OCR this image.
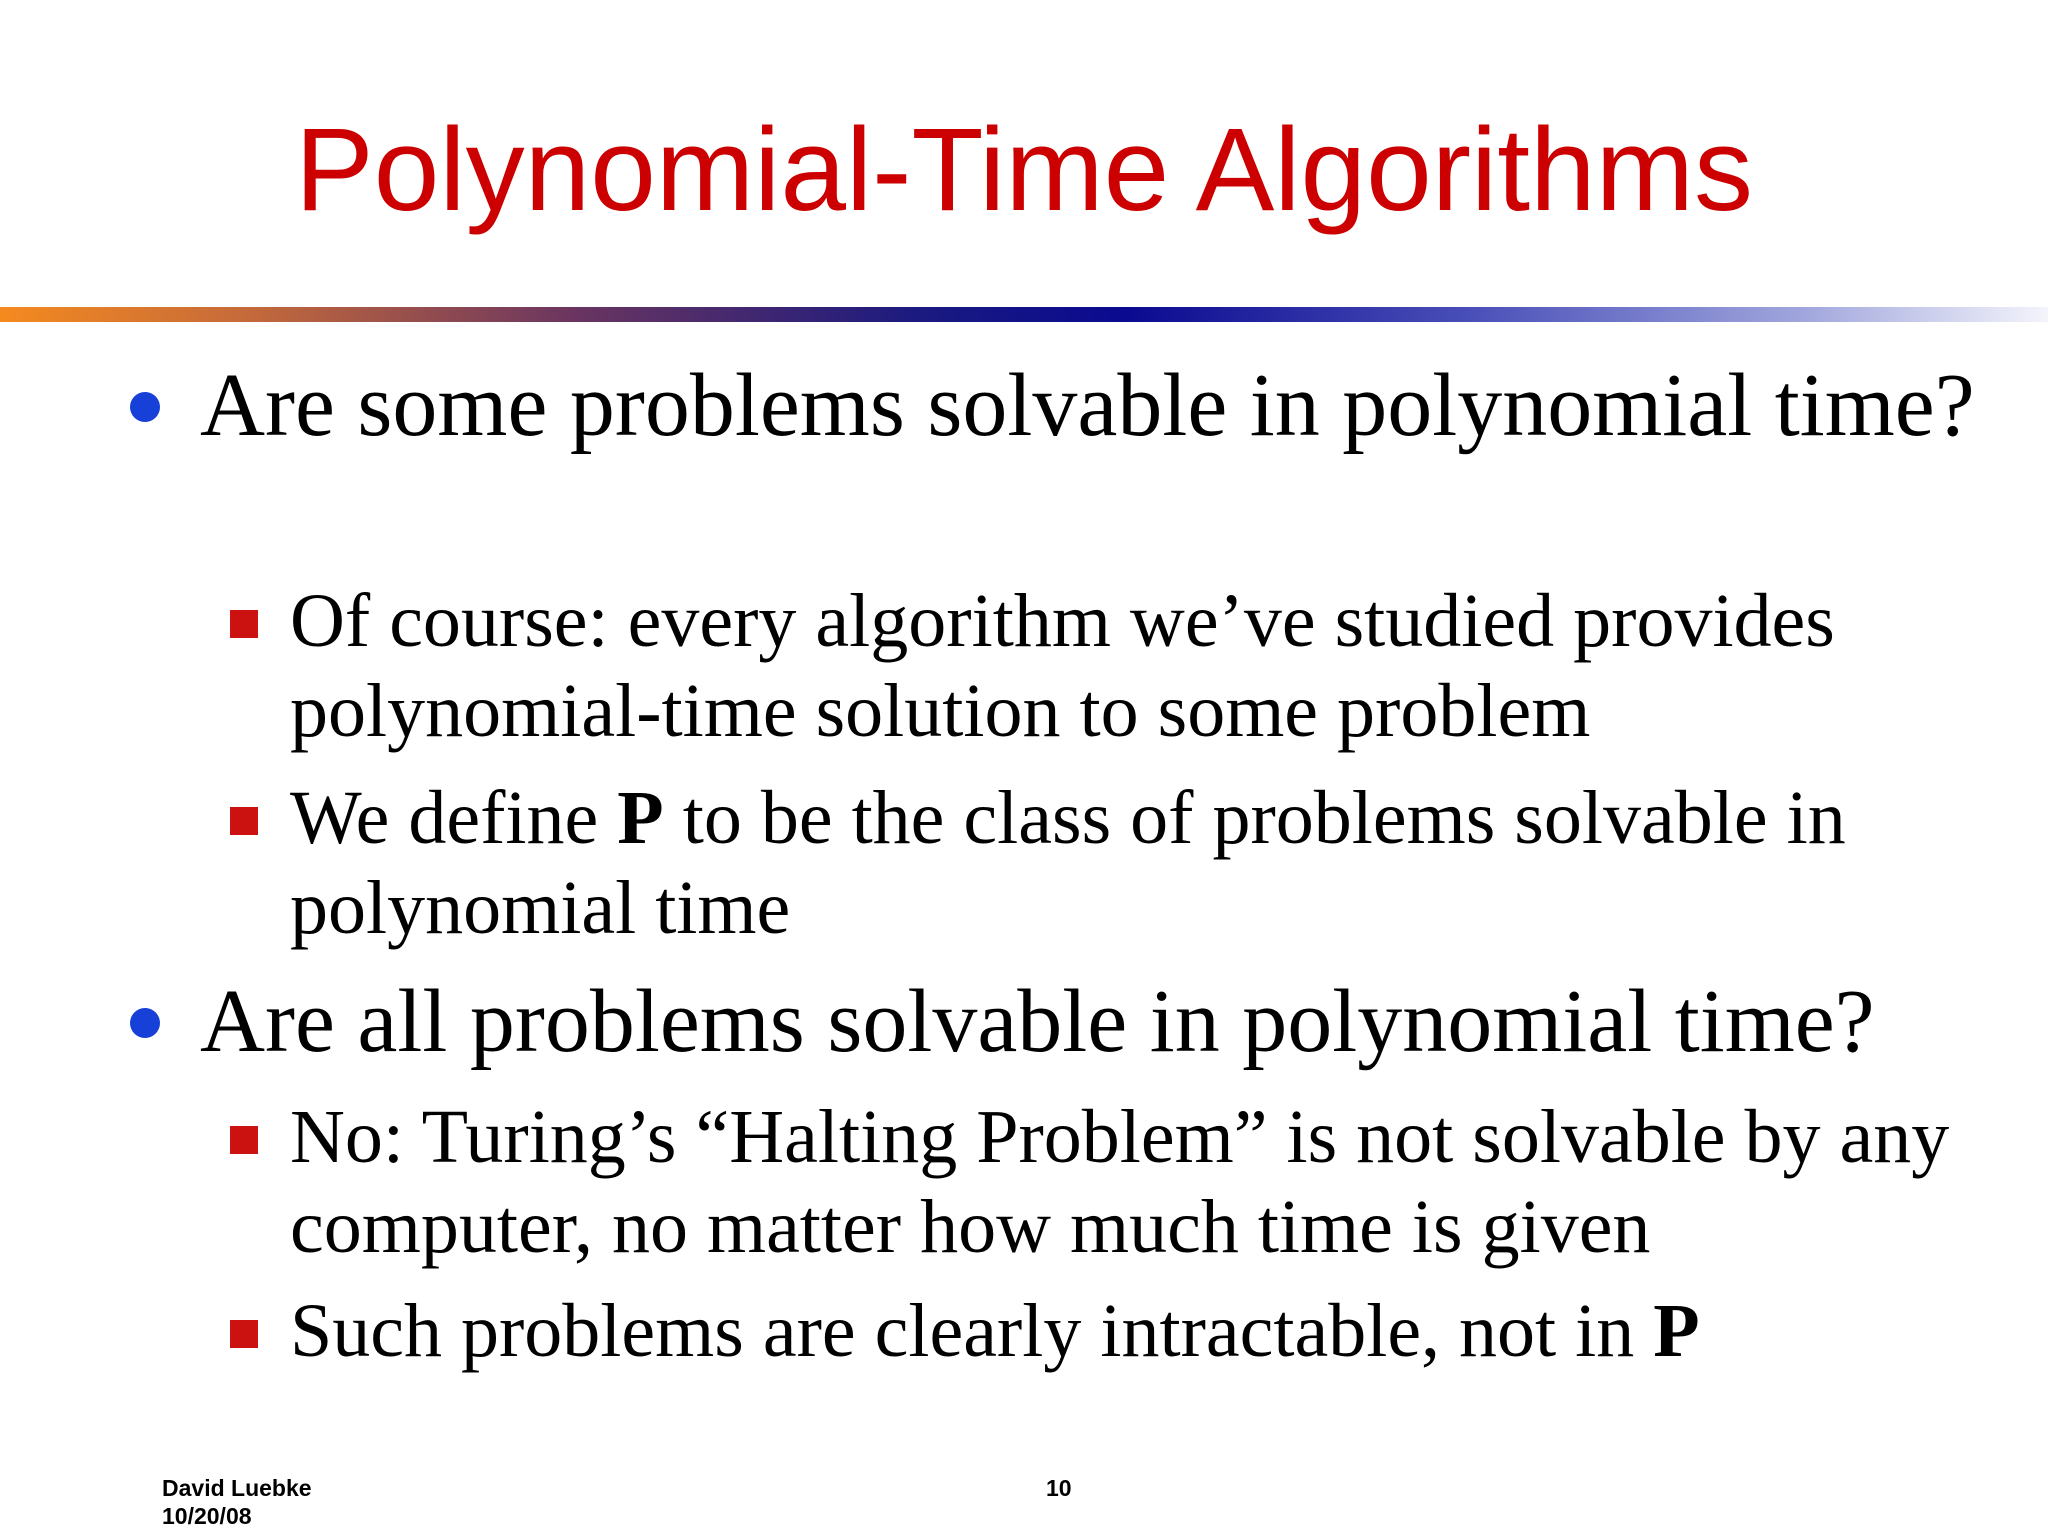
Polynomial-Time Algorithms

Are some problems solvable in polynomial time?

Of course: every algorithm we’ve studied provides polynomial-time solution to some problem

We define P to be the class of problems solvable in polynomial time

Are all problems solvable in polynomial time?

No: Turing’s “Halting Problem” is not solvable by any computer, no matter how much time is given

Such problems are clearly intractable, not in P

David Luebke
10/20/08
10
